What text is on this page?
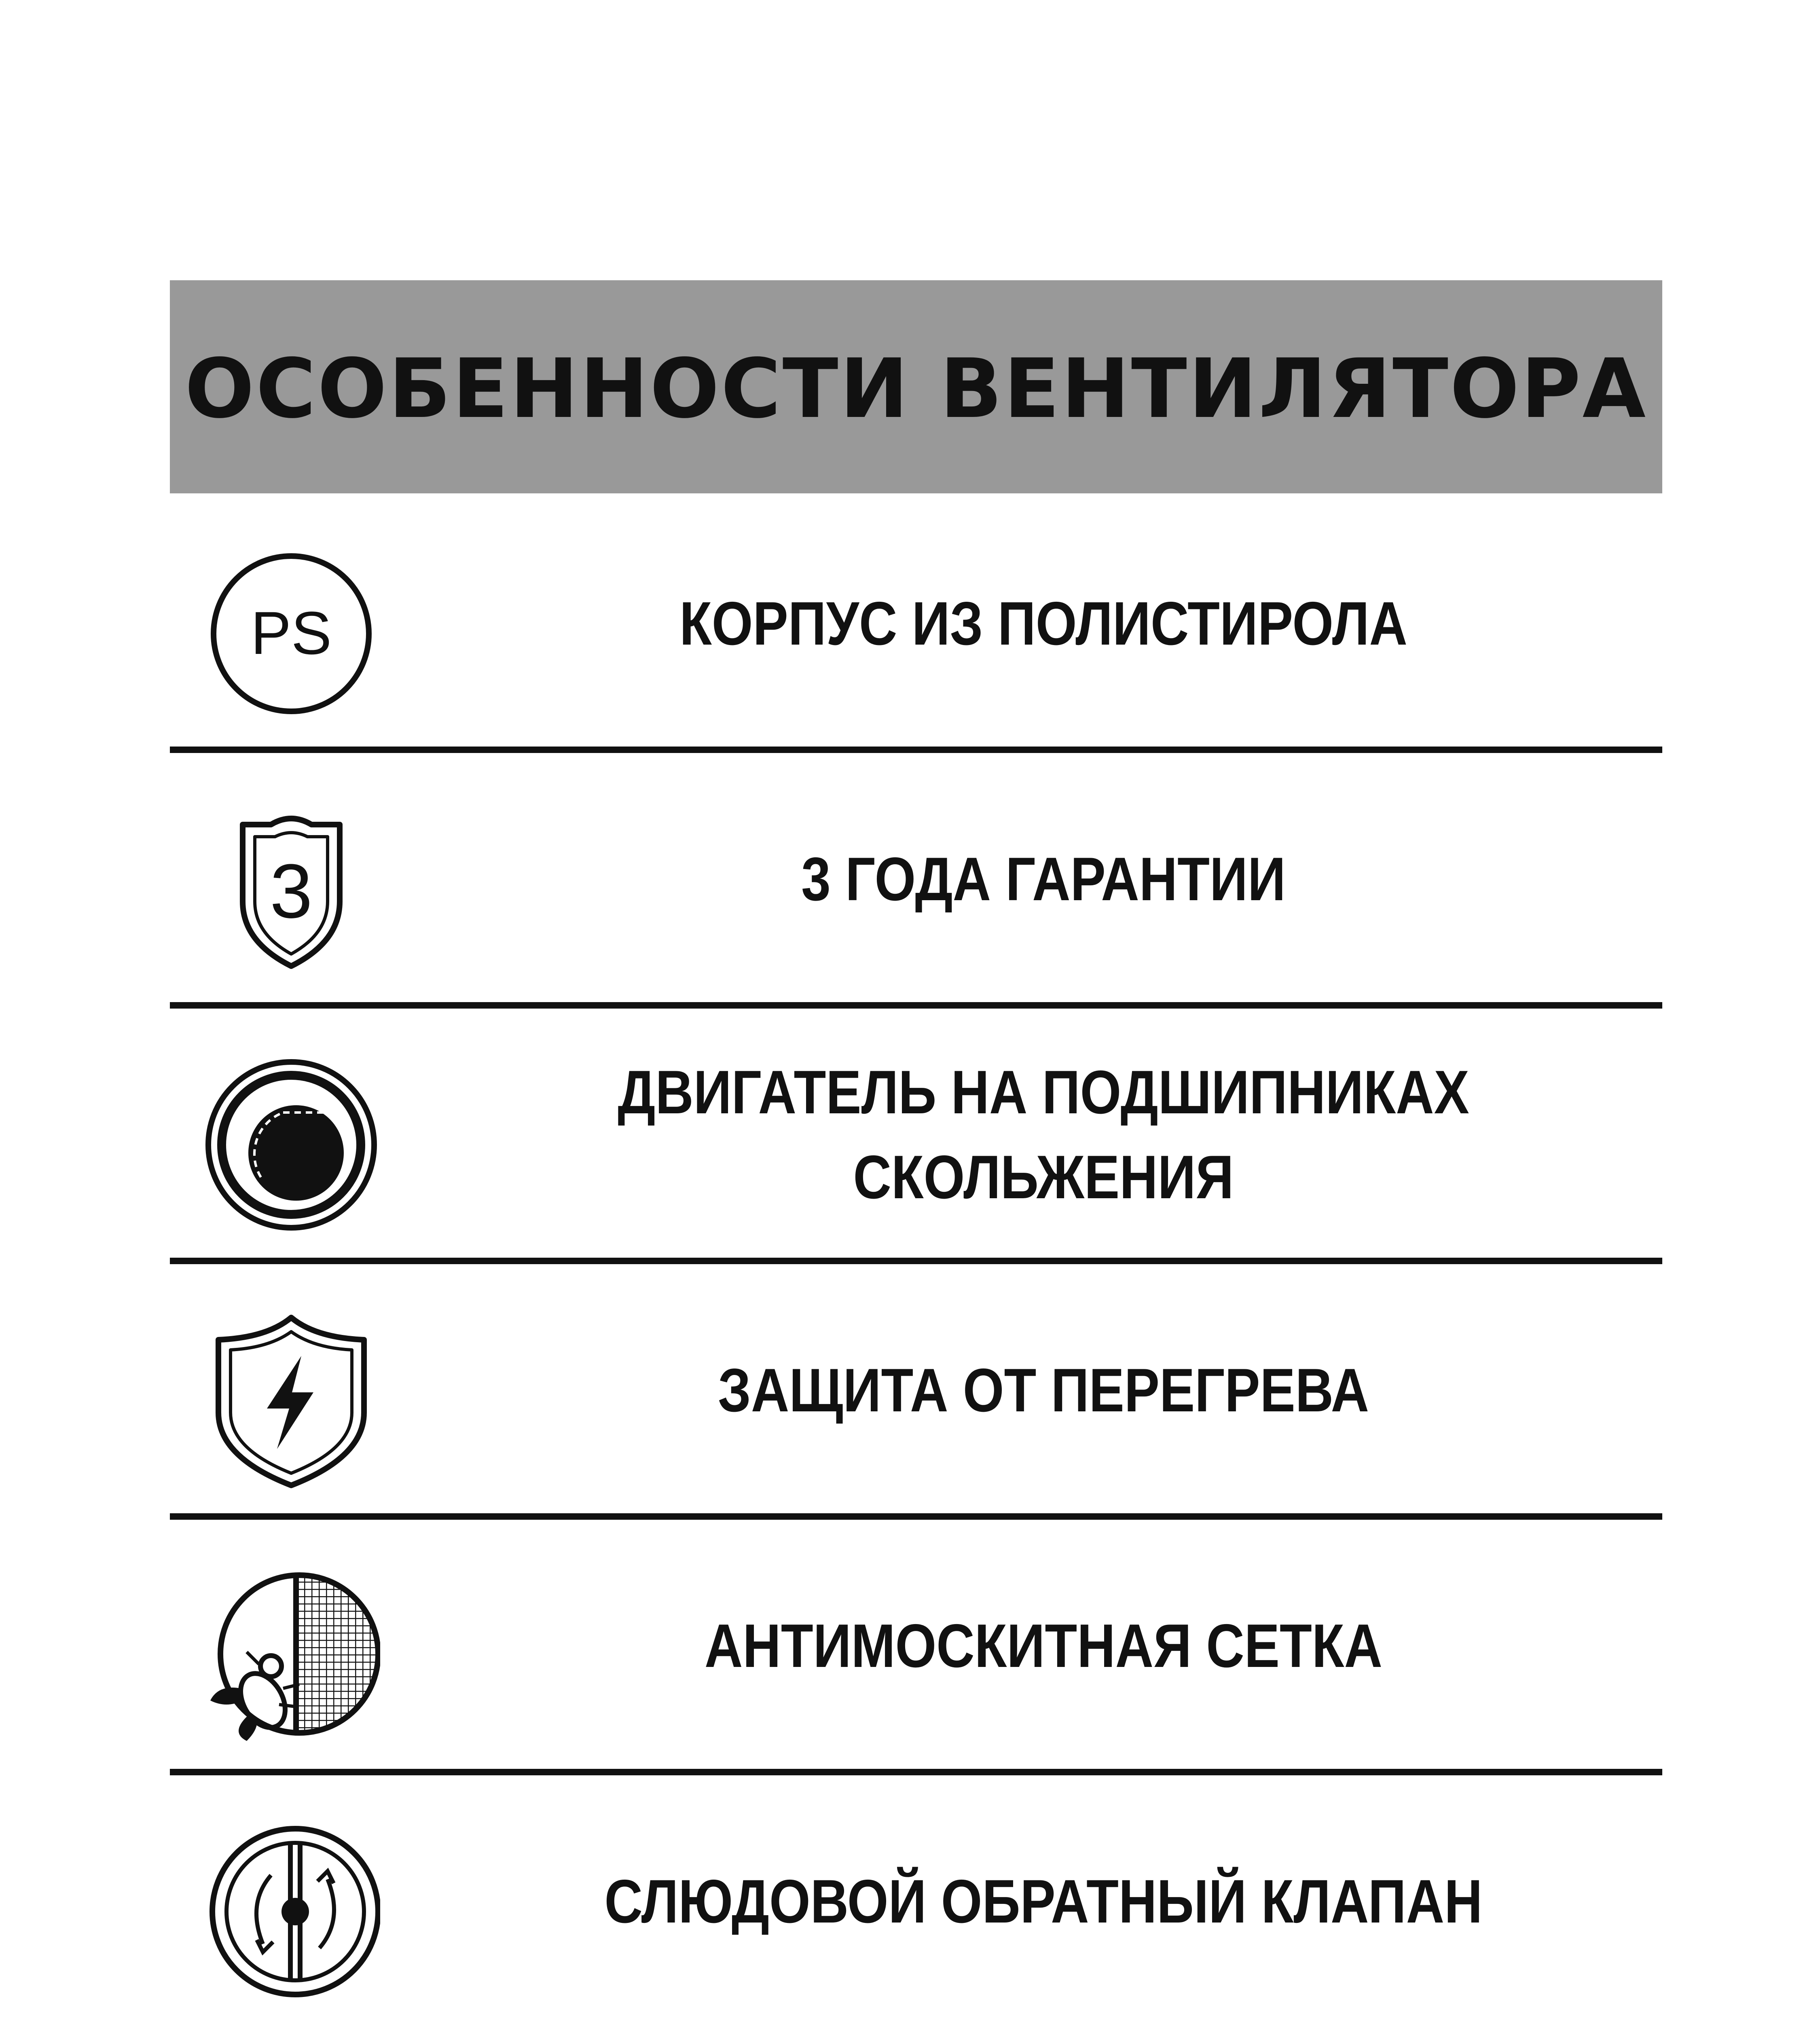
ОСОБЕННОСТИ ВЕНТИЛЯТОРА
PS	КОРПУС ИЗ ПОЛИСТИРОЛА
3	3 ГОДА ГАРАНТИИ
ДВИГАТЕЛЬ НА ПОДШИПНИКАХ
СКОЛЬЖЕНИЯ
ЗАЩИТА ОТ ПЕРЕГРЕВА
АНТИМОСКИТНАЯ СЕТКА
СЛЮДОВОЙ ОБРАТНЫЙ КЛАПАН
